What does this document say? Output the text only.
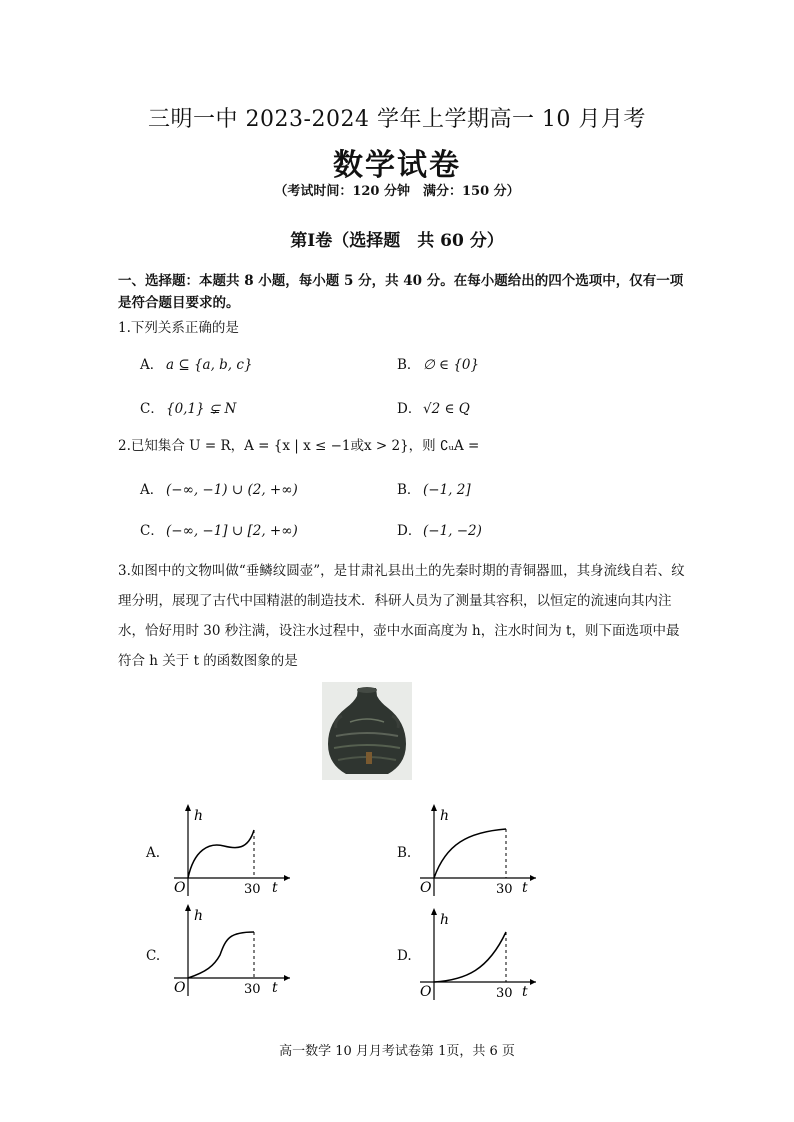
三明一中 2023-2024 学年上学期高一 10 月月考
数学试卷
（考试时间：120 分钟　满分：150 分）
第Ⅰ卷（选择题　共 60 分）
一、选择题：本题共 8 小题，每小题 5 分，共 40 分。在每小题给出的四个选项中，仅有一项是符合题目要求的。
1.下列关系正确的是
A． a ⊆ {a, b, c}	B． ∅ ∈ {0}
C． {0,1} ⊊ N	D． √2 ∈ Q
2.已知集合 U = R，A = {x | x ≤ −1或x > 2}，则 ∁ᵤA =
A． (−∞, −1) ∪ (2, +∞)	B． (−1, 2]
C． (−∞, −1] ∪ [2, +∞)	D． (−1, −2)
3.如图中的文物叫做“垂鳞纹圆壶”，是甘肃礼县出土的先秦时期的青铜器皿，其身流线自若、纹理分明，展现了古代中国精湛的制造技术．科研人员为了测量其容积，以恒定的流速向其内注水，恰好用时 30 秒注满，设注水过程中，壶中水面高度为 h，注水时间为 t，则下面选项中最符合 h 关于 t 的函数图象的是
A.
h
O	30 t
B.
h
O	30 t
C.
h
O	30 t
D.
h
O	30 t
高一数学 10 月月考试卷第 1页，共 6 页
